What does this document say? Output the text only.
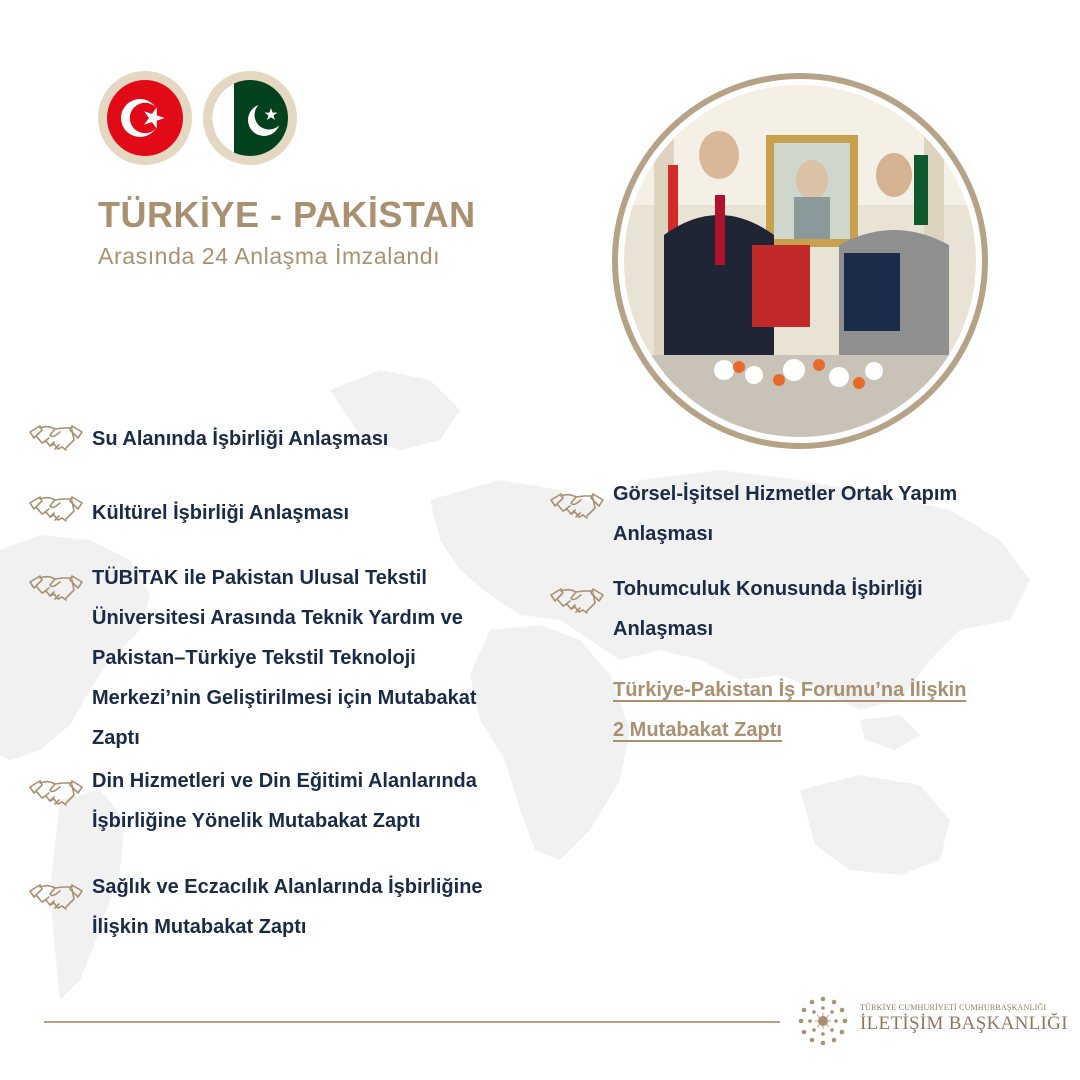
TÜRKİYE - PAKİSTAN
Arasında 24 Anlaşma İmzalandı
Su Alanında İşbirliği Anlaşması
Kültürel İşbirliği Anlaşması
TÜBİTAK ile Pakistan Ulusal Tekstil
Üniversitesi Arasında Teknik Yardım ve
Pakistan–Türkiye Tekstil Teknoloji
Merkezi’nin Geliştirilmesi için Mutabakat
Zaptı
Din Hizmetleri ve Din Eğitimi Alanlarında
İşbirliğine Yönelik Mutabakat Zaptı
Sağlık ve Eczacılık Alanlarında İşbirliğine
İlişkin Mutabakat Zaptı
Görsel-İşitsel Hizmetler Ortak Yapım
Anlaşması
Tohumculuk Konusunda İşbirliği
Anlaşması
Türkiye-Pakistan İş Forumu’na İlişkin
2 Mutabakat Zaptı
TÜRKİYE CUMHURİYETİ CUMHURBAŞKANLIĞI
İLETİŞİM BAŞKANLIĞI
